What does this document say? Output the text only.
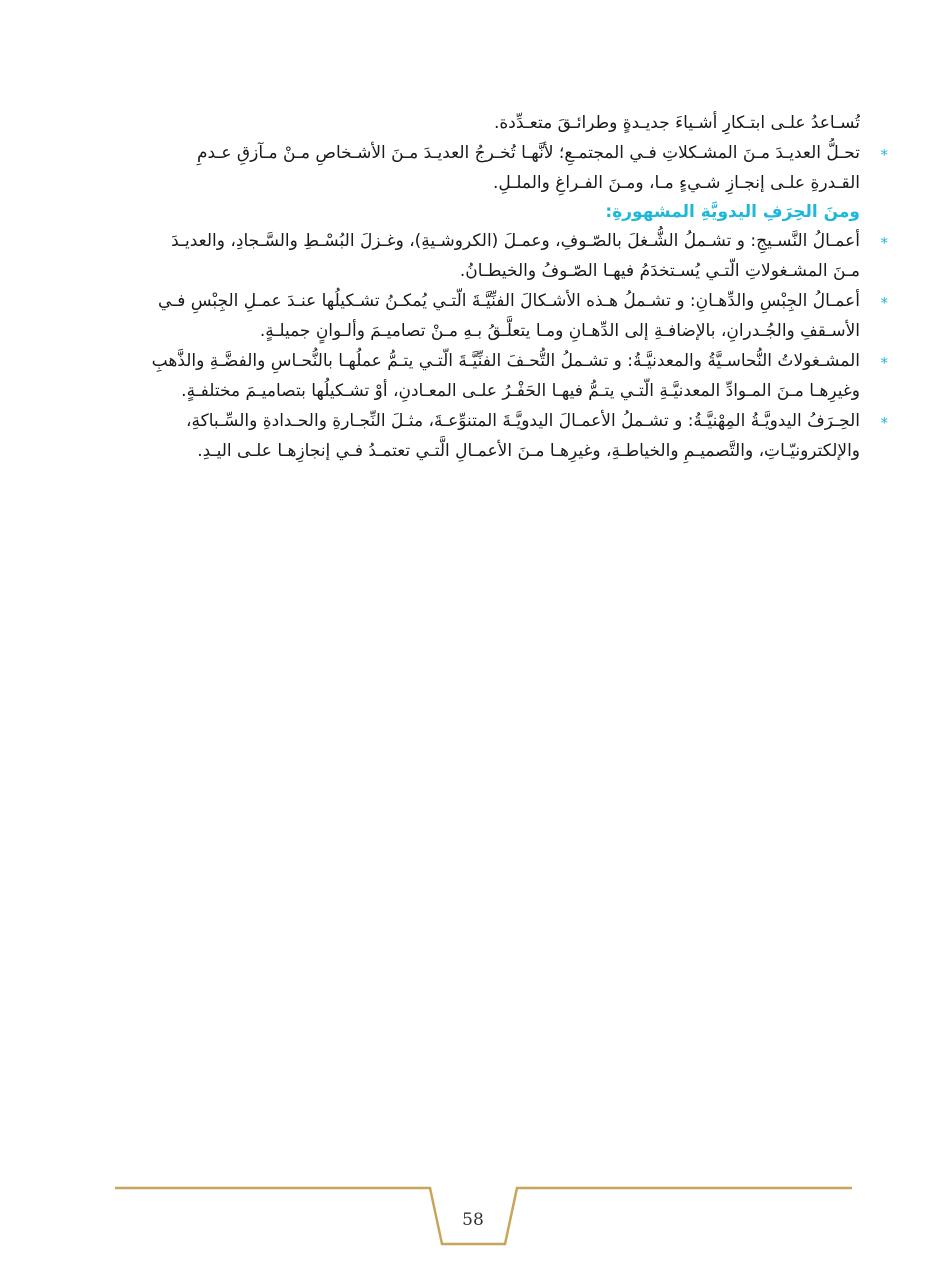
تُسـاعدُ علـى ابتـكارِ أشـياءَ جديـدةٍ وطرائـقَ متعـدِّدة.
*
تحـلُّ العديـدَ مـنَ المشـكلاتِ فـي المجتمـعِ؛ لأنَّهـا تُخـرجُ العديـدَ مـنَ الأشـخاصِ مـنْ مـآزقِ عـدمِ
القـدرةِ علـى إنجـازِ شـيءٍ مـا، ومـنَ الفـراغِ والملـلِ.
ومنَ الحِرَفِ اليدويَّةِ المشهورةِ:
*
أعمـالُ النَّسـيجِ: و تشـملُ الشُّـغلَ بالصّـوفِ، وعمـلَ (الكروشـيةِ)، وغـزلَ البُسْـطِ والسَّـجادِ، والعديـدَ
مـنَ المشـغولاتِ الّتـي يُسـتخدَمُ فيهـا الصّـوفُ والخيطـانُ.
*
أعمـالُ الجِبْسِ والدِّهـانِ: و تشـملُ هـذه الأشـكالَ الفنِّيَّـةَ الّتـي يُمكـنُ تشـكيلُها عنـدَ عمـلِ الجِبْسِ فـي
الأسـقفِ والجُـدرانِ، بالإضافـةِ إلى الدِّهـانِ ومـا يتعلَّـقُ بـهِ مـنْ تصاميـمَ وألـوانٍ جميلـةٍ.
*
المشـغولاتُ النُّحاسـيَّةُ والمعدنيَّـةُ: و تشـملُ التُّحـفَ الفنِّيَّـةَ الّتـي يتـمُّ عملُهـا بالنُّحـاسِ والفضَّـةِ والذَّهبِ
وغيرِهـا مـنَ المـوادِّ المعدنيَّـةِ الّتـي يتـمُّ فيهـا الحَفْـرُ علـى المعـادنِ، أوْ تشـكيلُها بتصاميـمَ مختلفـةٍ.
*
الحِـرَفُ اليدويَّـةُ المِهْنيَّـةُ: و تشـملُ الأعمـالَ اليدويَّـةَ المتنوِّعـةَ، مثـلَ النِّجـارةِ والحـدادةِ والسِّـباكةِ،
والإلكترونيّـاتِ، والتَّصميـمِ والخياطـةِ، وغيرِهـا مـنَ الأعمـالِ الَّتـي تعتمـدُ فـي إنجازِهـا علـى اليـدِ.
58
